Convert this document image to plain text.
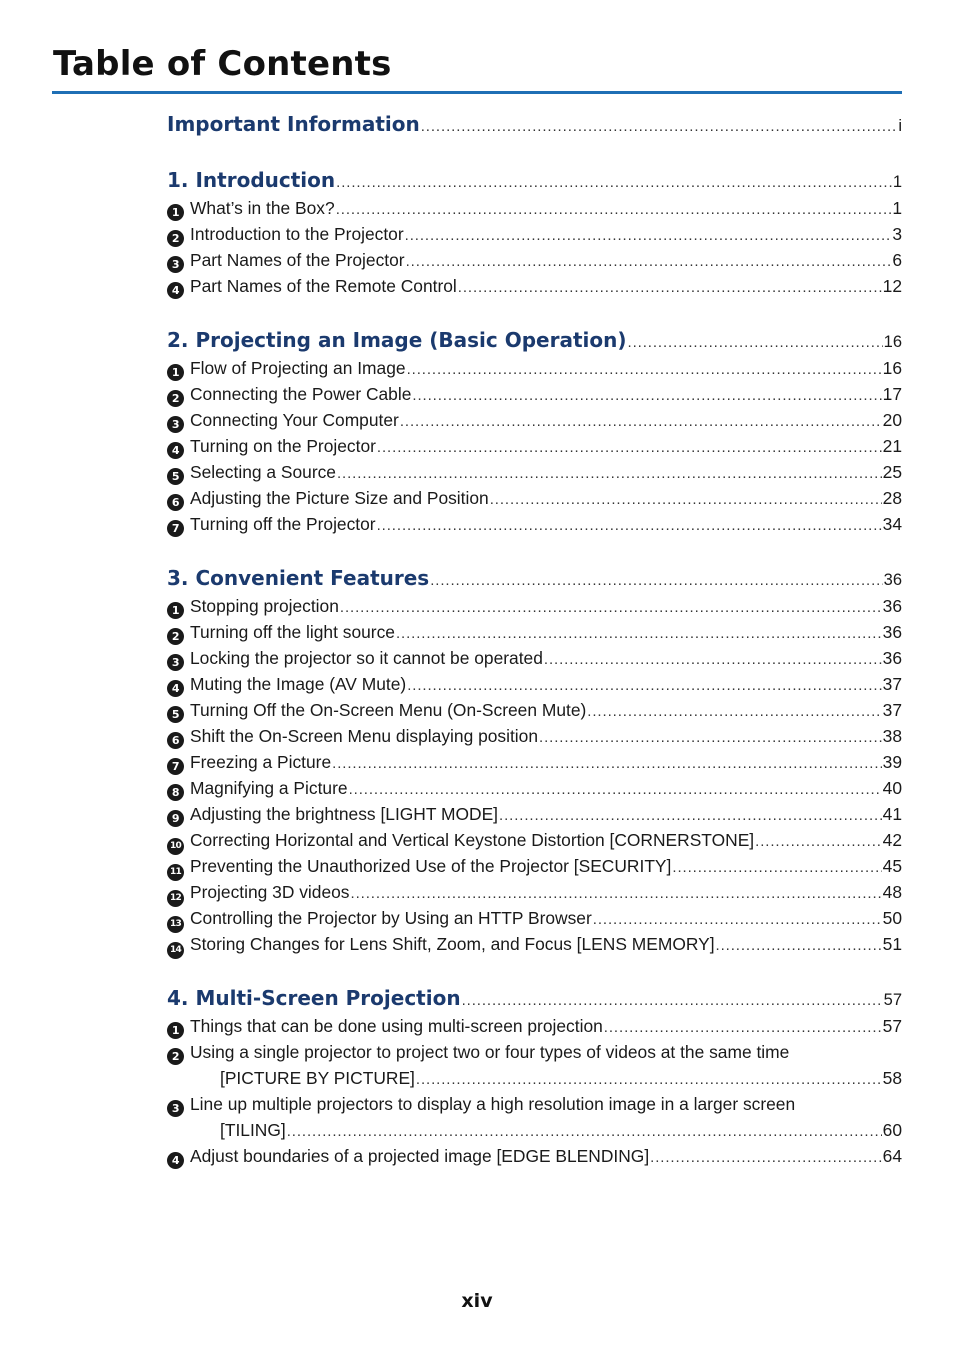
Table of Contents
Important Information .....	i
1. Introduction .....	1
1 What’s in the Box? .....	1
2 Introduction to the Projector .....	3
3 Part Names of the Projector .....	6
4 Part Names of the Remote Control .....	12
2. Projecting an Image (Basic Operation) .....	16
1 Flow of Projecting an Image .....	16
2 Connecting the Power Cable .....	17
3 Connecting Your Computer .....	20
4 Turning on the Projector .....	21
5 Selecting a Source .....	25
6 Adjusting the Picture Size and Position .....	28
7 Turning off the Projector .....	34
3. Convenient Features .....	36
1 Stopping projection .....	36
2 Turning off the light source .....	36
3 Locking the projector so it cannot be operated .....	36
4 Muting the Image (AV Mute) .....	37
5 Turning Off the On-Screen Menu (On-Screen Mute) .....	37
6 Shift the On-Screen Menu displaying position .....	38
7 Freezing a Picture .....	39
8 Magnifying a Picture .....	40
9 Adjusting the brightness [LIGHT MODE] .....	41
10 Correcting Horizontal and Vertical Keystone Distortion [CORNERSTONE] .....	42
11 Preventing the Unauthorized Use of the Projector [SECURITY] .....	45
12 Projecting 3D videos .....	48
13 Controlling the Projector by Using an HTTP Browser .....	50
14 Storing Changes for Lens Shift, Zoom, and Focus [LENS MEMORY] .....	51
4. Multi-Screen Projection .....	57
1 Things that can be done using multi-screen projection .....	57
2 Using a single projector to project two or four types of videos at the same time
[PICTURE BY PICTURE] .....	58
3 Line up multiple projectors to display a high resolution image in a larger screen
[TILING] .....	60
4 Adjust boundaries of a projected image [EDGE BLENDING] .....	64
xiv
